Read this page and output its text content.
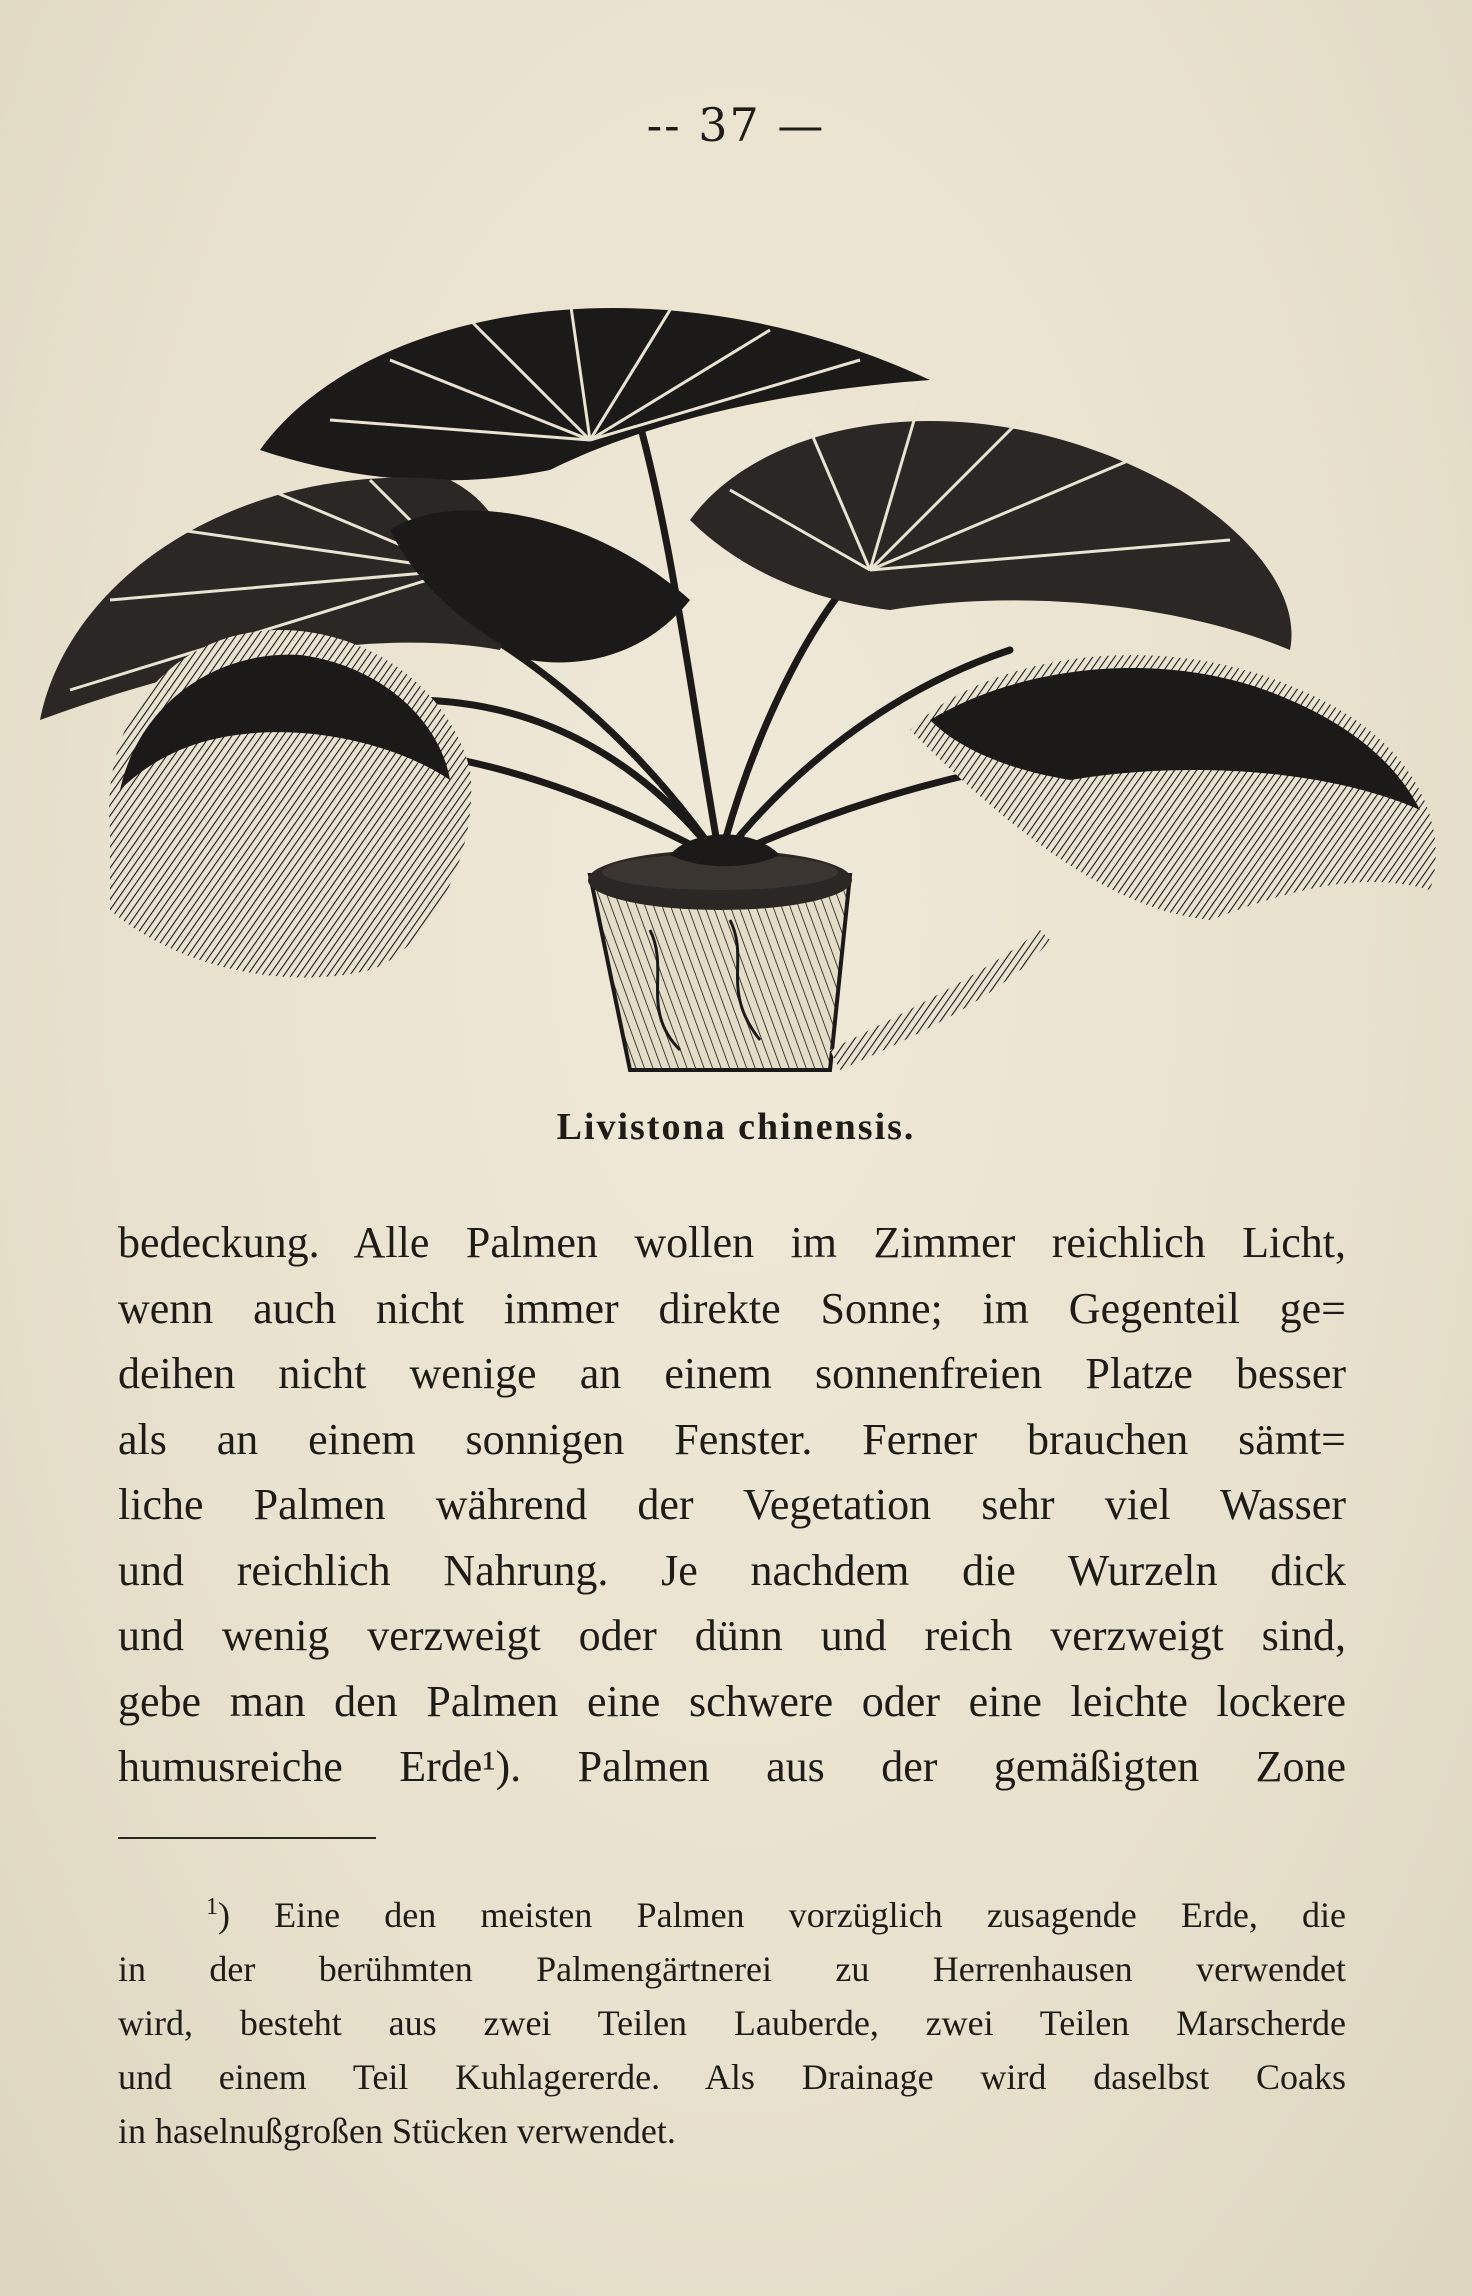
-- 37 —
Livistona chinensis.
bedeckung. Alle Palmen wollen im Zimmer reichlich Licht,
wenn auch nicht immer direkte Sonne; im Gegenteil ge=
deihen nicht wenige an einem sonnenfreien Platze besser
als an einem sonnigen Fenster. Ferner brauchen sämt=
liche Palmen während der Vegetation sehr viel Wasser
und reichlich Nahrung. Je nachdem die Wurzeln dick
und wenig verzweigt oder dünn und reich verzweigt sind,
gebe man den Palmen eine schwere oder eine leichte lockere
humusreiche Erde¹). Palmen aus der gemäßigten Zone
$^1$) Eine den meisten Palmen vorzüglich zusagende Erde, die
in der berühmten Palmengärtnerei zu Herrenhausen verwendet
wird, besteht aus zwei Teilen Lauberde, zwei Teilen Marscherde
und einem Teil Kuhlagererde. Als Drainage wird daselbst Coaks
in haselnußgroßen Stücken verwendet.
